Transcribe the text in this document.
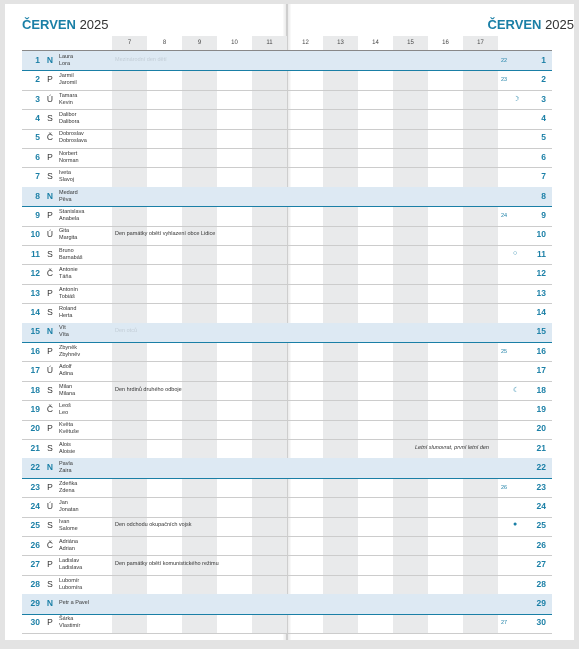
1 N	Laura
Lora
Mezinárodní den dětí	22	1
2 P	Jarmil
Jaromil	23	2
3 Ú	Tamara
Kevin	☽	3
4 S	Dalibor
Dalibora	4
5 Č	Dobroslav
Dobroslava	5
6 P	Norbert
Norman	6
7 S	Iveta
Slavoj	7
8 N	Medard
Pěva	8
9 P	Stanislava
Anabela	24	9
10 Ú	Gita
Margita
Den památky obětí vyhlazení obce Lidice	10
11 S	Bruno
Barnabáš
○	11
12 Č	Antonie
Táňa	12
13 P	Antonín
Tobiáš	13
14 S	Roland
Herta	14
15 N	Vít
Víta
Den otců	15
16 P	Zbyněk
Zbyhněv	25	16
17 Ú	Adolf
Adina	17
18 S	Milan
Milana
Den hrdinů druhého odboje	☾	18
19 Č	Leoš
Leo	19
20 P	Květa
Květuše	20
21 S	Alois
Aloisie
Letní slunovrat, první letní den	21
22 N	Pavla
Zaira	22
23 P	Zdeňka
Zdena	26	23
24 Ú	Jan
Jonatan	24
25 S	Ivan
Salome
Den odchodu okupačních vojsk	●	25
26 Č	Adriána
Adrian	26
27 P	Ladislav
Ladislava
Den památky obětí komunistického režimu	27
28 S	Lubomír
Lubomíra	28
29 N	Petr a Pavel	29
30 P	Šárka
Vlastimír	27	30
ČERVEN 2025	ČERVEN 2025
7	8	9	10	11	12	13	14	15	16	17
